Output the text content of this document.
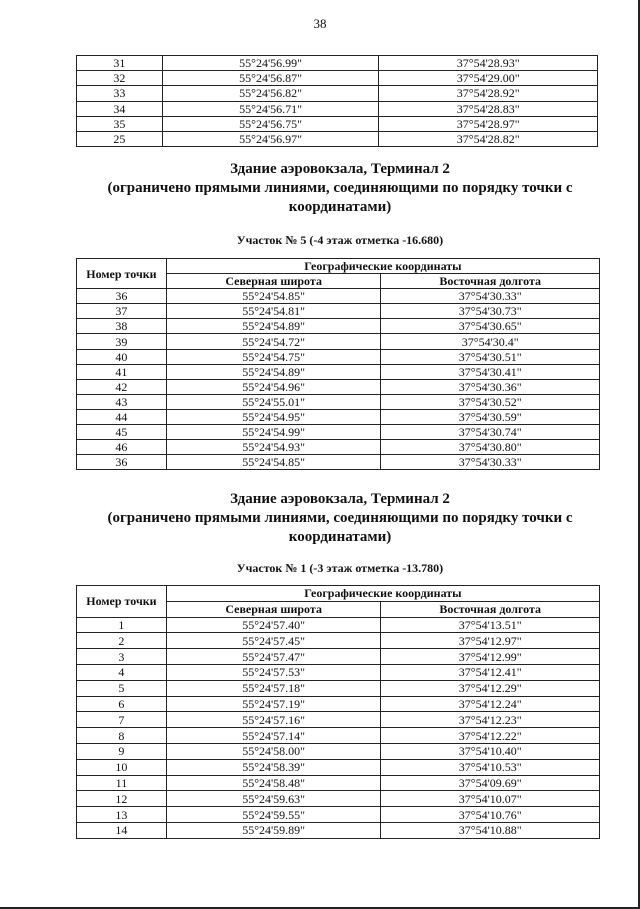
38
31	55°24'56.99"	37°54'28.93"
32	55°24'56.87"	37°54'29.00"
33	55°24'56.82"	37°54'28.92"
34	55°24'56.71"	37°54'28.83"
35	55°24'56.75"	37°54'28.97"
25	55°24'56.97"	37°54'28.82"
Здание аэровокзала, Терминал 2
(ограничено прямыми линиями, соединяющими по порядку точки с
координатами)
Участок № 5 (-4 этаж отметка -16.680)
Номер точки	Географические координаты	
	Северная широта	Восточная долгота
36	55°24'54.85"	37°54'30.33"
37	55°24'54.81"	37°54'30.73"
38	55°24'54.89"	37°54'30.65"
39	55°24'54.72"	37°54'30.4"
40	55°24'54.75"	37°54'30.51"
41	55°24'54.89"	37°54'30.41"
42	55°24'54.96"	37°54'30.36"
43	55°24'55.01"	37°54'30.52"
44	55°24'54.95"	37°54'30.59"
45	55°24'54.99"	37°54'30.74"
46	55°24'54.93"	37°54'30.80"
36	55°24'54.85"	37°54'30.33"
Здание аэровокзала, Терминал 2
(ограничено прямыми линиями, соединяющими по порядку точки с
координатами)
Участок № 1 (-3 этаж отметка -13.780)
Номер точки	Географические координаты	
	Северная широта	Восточная долгота
1	55°24'57.40"	37°54'13.51"
2	55°24'57.45"	37°54'12.97"
3	55°24'57.47"	37°54'12.99"
4	55°24'57.53"	37°54'12.41"
5	55°24'57.18"	37°54'12.29"
6	55°24'57.19"	37°54'12.24"
7	55°24'57.16"	37°54'12.23"
8	55°24'57.14"	37°54'12.22"
9	55°24'58.00"	37°54'10.40"
10	55°24'58.39"	37°54'10.53"
11	55°24'58.48"	37°54'09.69"
12	55°24'59.63"	37°54'10.07"
13	55°24'59.55"	37°54'10.76"
14	55°24'59.89"	37°54'10.88"
